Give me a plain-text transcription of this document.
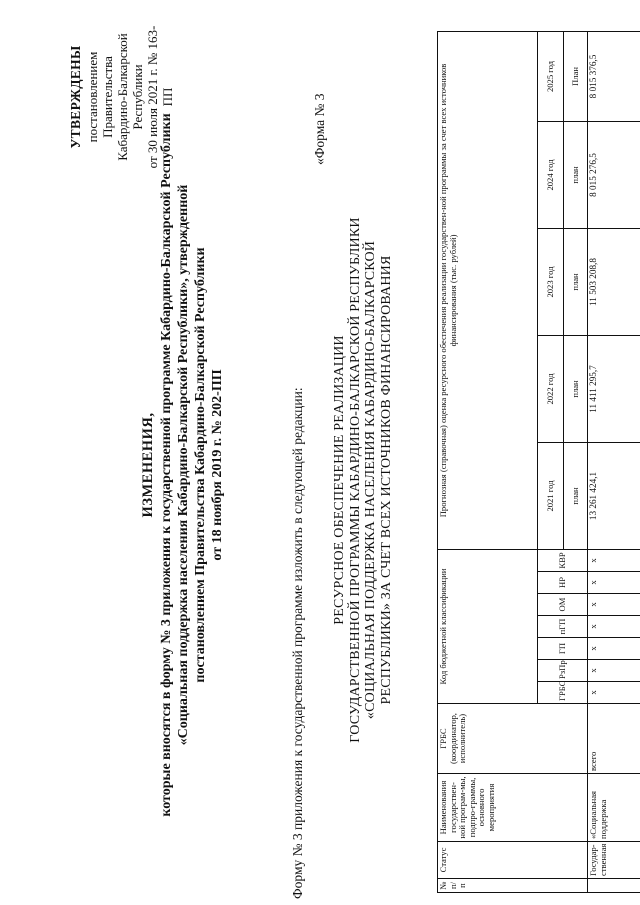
УТВЕРЖДЕНЫ постановлением Правительства Кабардино-Балкарской Республики от 30 июля 2021 г. № 163-ПП
ИЗМЕНЕНИЯ, которые вносятся в форму № 3 приложения к государственной программе Кабардино-Балкарской Республики «Социальная поддержка населения Кабардино-Балкарской Республики», утвержденной постановлением Правительства Кабардино-Балкарской Республики от 18 ноября 2019 г. № 202-ПП	Форму № 3 приложения к государственной программе изложить в следующей редакции:
«Форма № 3
РЕСУРСНОЕ ОБЕСПЕЧЕНИЕ РЕАЛИЗАЦИИ ГОСУДАРСТВЕННОЙ ПРОГРАММЫ КАБАРДИНО-БАЛКАРСКОЙ РЕСПУБЛИКИ «СОЦИАЛЬНАЯ ПОДДЕРЖКА НАСЕЛЕНИЯ КАБАРДИНО-БАЛКАРСКОЙ РЕСПУБЛИКИ» ЗА СЧЕТ ВСЕХ ИСТОЧНИКОВ ФИНАНСИРОВАНИЯ
№ п/п	Статус	Наименования государствен-ной програм-мы, подпро-граммы, основного мероприятия	ГРБС (координатор, исполнитель)	Код бюджетной классификации							Прогнозная (справочная) оценка ресурсного обеспечения реализации государствен-ной программы за счет всех источников финансирования (тыс. рублей)				
				ГРБС	РзПр	ГП	пГП	ОМ	НР	КВР	2021 год	2022 год	2023 год	2024 год	2025 год
											план	план	план	план	План
	Государ-ственная	«Социальная поддержка	всего	x	x	x	x	x	x	x	13 261 424,1	11 411 295,7	11 503 208,8	8 015 276,5	8 015 376,5
